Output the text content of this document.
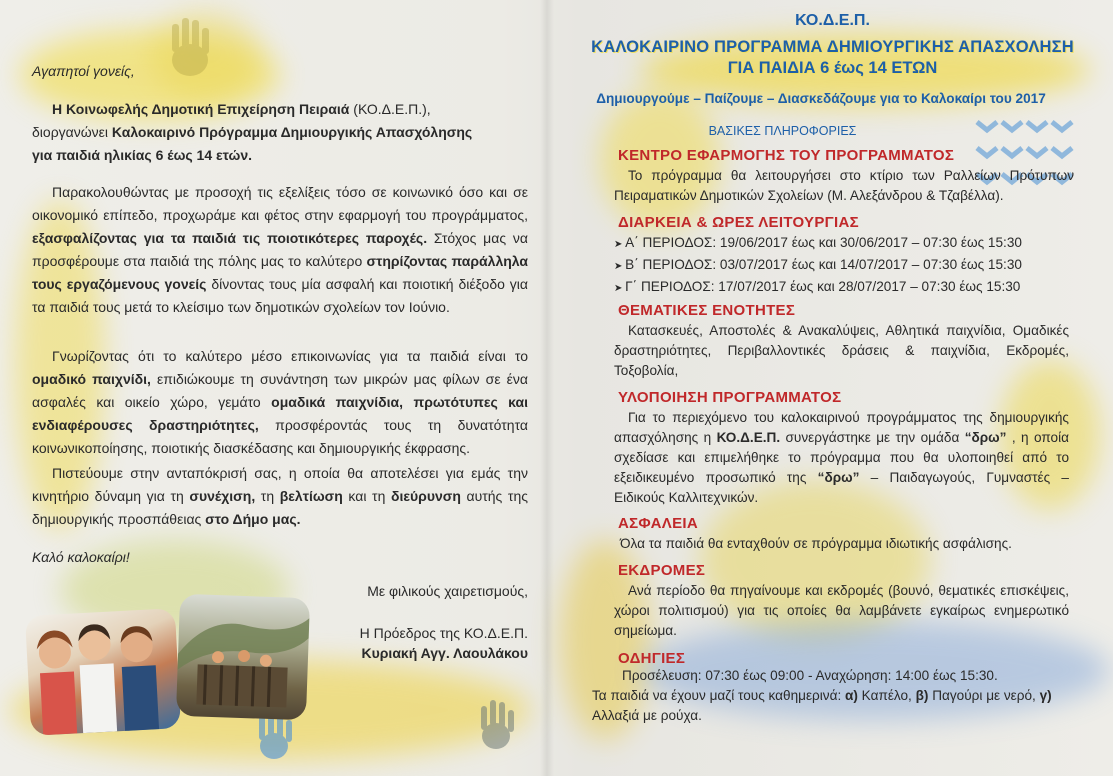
Αγαπητοί γονείς,

Η Κοινωφελής Δημοτική Επιχείρηση Πειραιά (ΚΟ.Δ.Ε.Π.),
διοργανώνει Καλοκαιρινό Πρόγραμμα Δημιουργικής Απασχόλησης
για παιδιά ηλικίας 6 έως 14 ετών.

Παρακολουθώντας με προσοχή τις εξελίξεις τόσο σε κοινωνικό όσο και σε οικονομικό επίπεδο, προχωράμε και φέτος στην εφαρμογή του προγράμματος, εξασφαλίζοντας για τα παιδιά τις ποιοτικότερες παροχές. Στόχος μας να προσφέρουμε στα παιδιά της πόλης μας το καλύτερο στηρίζοντας παράλληλα τους εργαζόμενους γονείς δίνοντας τους μία ασφαλή και ποιοτική διέξοδο για τα παιδιά τους μετά το κλείσιμο των δημοτικών σχολείων τον Ιούνιο.

Γνωρίζοντας ότι το καλύτερο μέσο επικοινωνίας για τα παιδιά είναι το ομαδικό παιχνίδι, επιδιώκουμε τη συνάντηση των μικρών μας φίλων σε ένα ασφαλές και οικείο χώρο, γεμάτο ομαδικά παιχνίδια, πρωτότυπες και ενδιαφέρουσες δραστηριότητες, προσφέροντάς τους τη δυνατότητα κοινωνικοποίησης, ποιοτικής διασκέδασης και δημιουργικής έκφρασης.

Πιστεύουμε στην ανταπόκρισή σας, η οποία θα αποτελέσει για εμάς την κινητήριο δύναμη για τη συνέχιση, τη βελτίωση και τη διεύρυνση αυτής της δημιουργικής προσπάθειας στο Δήμο μας.

Καλό καλοκαίρι!

Με φιλικούς χαιρετισμούς,

Η Πρόεδρος της ΚΟ.Δ.Ε.Π.

Κυριακή Αγγ. Λαουλάκου

ΚΟ.Δ.Ε.Π.
ΚΑΛΟΚΑΙΡΙΝΟ ΠΡΟΓΡΑΜΜΑ ΔΗΜΙΟΥΡΓΙΚΗΣ ΑΠΑΣΧΟΛΗΣΗ
ΓΙΑ ΠΑΙΔΙΑ 6 έως 14 ΕΤΩΝ
Δημιουργούμε – Παίζουμε – Διασκεδάζουμε για το Καλοκαίρι του 2017
ΒΑΣΙΚΕΣ ΠΛΗΡΟΦΟΡΙΕΣ
ΚΕΝΤΡΟ ΕΦΑΡΜΟΓΗΣ ΤΟΥ ΠΡΟΓΡΑΜΜΑΤΟΣ

Το πρόγραμμα θα λειτουργήσει στο κτίριο των Ραλλείων Πρότυπων Πειραματικών Δημοτικών Σχολείων (Μ. Αλεξάνδρου & Τζαβέλλα).

ΔΙΑΡΚΕΙΑ & ΩΡΕΣ ΛΕΙΤΟΥΡΓΙΑΣ
➤ Α΄ ΠΕΡΙΟΔΟΣ: 19/06/2017 έως και 30/06/2017 – 07:30 έως 15:30
➤ Β΄ ΠΕΡΙΟΔΟΣ: 03/07/2017 έως και 14/07/2017 – 07:30 έως 15:30
➤ Γ΄ ΠΕΡΙΟΔΟΣ: 17/07/2017 έως και 28/07/2017 – 07:30 έως 15:30
ΘΕΜΑΤΙΚΕΣ ΕΝΟΤΗΤΕΣ

Κατασκευές, Αποστολές & Ανακαλύψεις, Αθλητικά παιχνίδια, Ομαδικές δραστηριότητες, Περιβαλλοντικές δράσεις & παιχνίδια, Εκδρομές, Τοξοβολία,

ΥΛΟΠΟΙΗΣΗ ΠΡΟΓΡΑΜΜΑΤΟΣ

Για το περιεχόμενο του καλοκαιρινού προγράμματος της δημιουργικής απασχόλησης η ΚΟ.Δ.Ε.Π. συνεργάστηκε με την ομάδα “δρω” , η οποία σχεδίασε και επιμελήθηκε το πρόγραμμα που θα υλοποιηθεί από το εξειδικευμένο προσωπικό της “δρω” – Παιδαγωγούς, Γυμναστές – Ειδικούς Καλλιτεχνικών.

ΑΣΦΑΛΕΙΑ

Όλα τα παιδιά θα ενταχθούν σε πρόγραμμα ιδιωτικής ασφάλισης.

ΕΚΔΡΟΜΕΣ

Ανά περίοδο θα πηγαίνουμε και εκδρομές (βουνό, θεματικές επισκέψεις, χώροι πολιτισμού) για τις οποίες θα λαμβάνετε εγκαίρως ενημερωτικό σημείωμα.

ΟΔΗΓΙΕΣ

Προσέλευση: 07:30 έως 09:00 - Αναχώρηση: 14:00 έως 15:30.

Τα παιδιά να έχουν μαζί τους καθημερινά: α) Καπέλο, β) Παγούρι με νερό, γ) Αλλαξιά με ρούχα.
